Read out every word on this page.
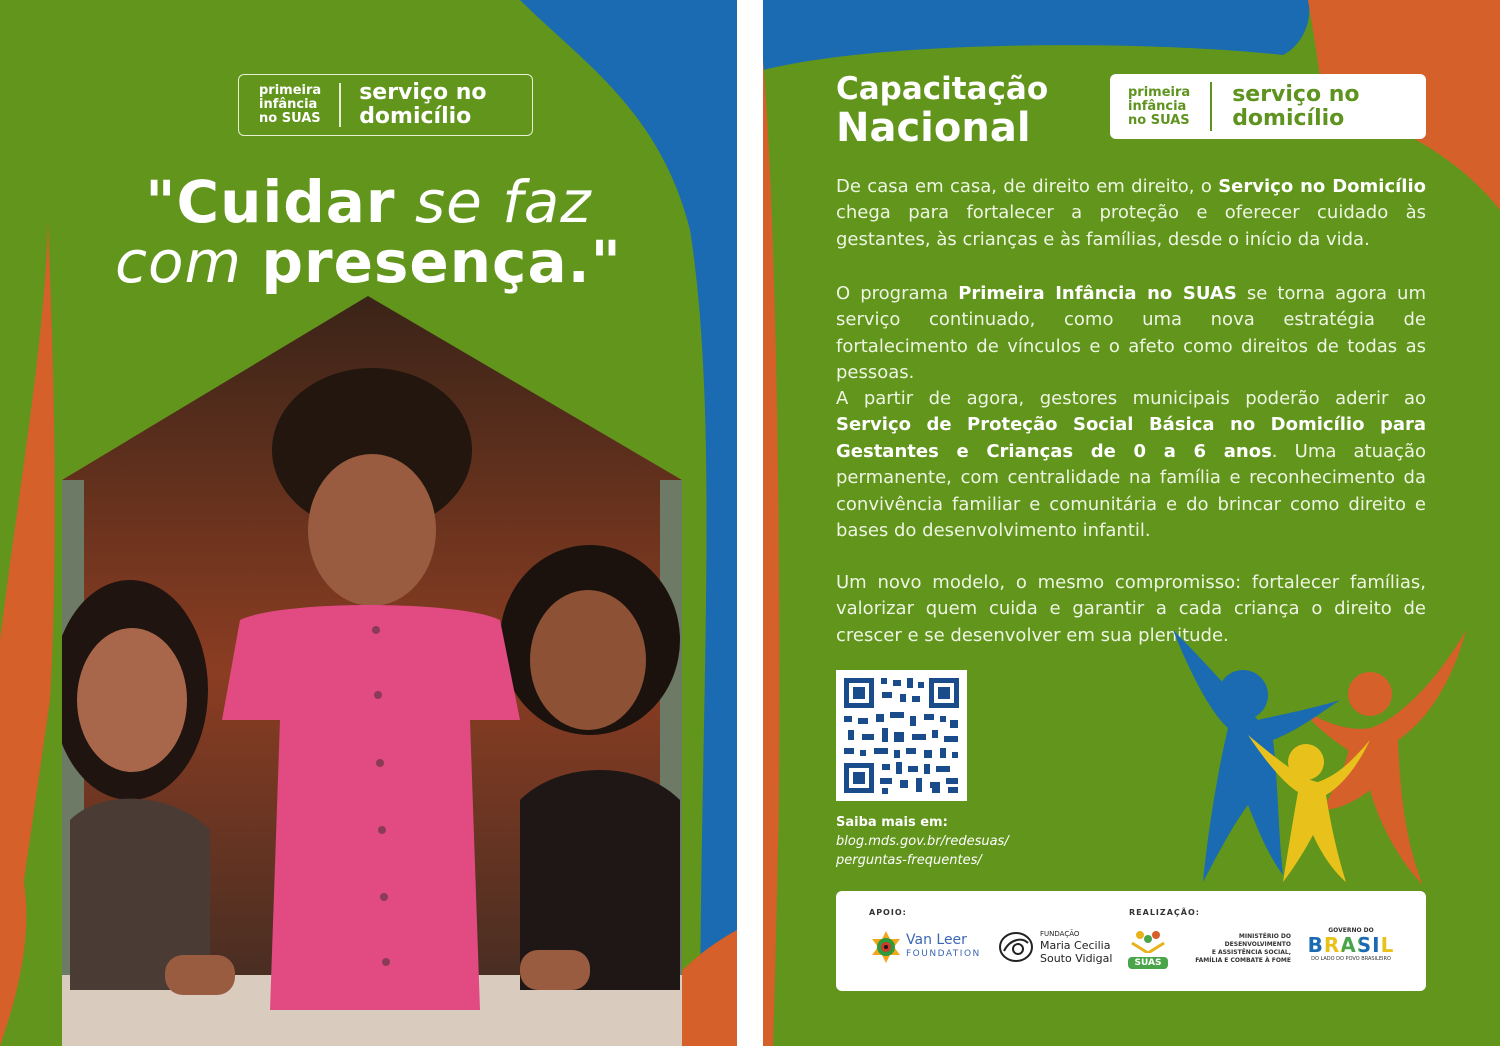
primeira
infância
no SUAS
serviço no
domicílio
"Cuidar se faz
com presença."
Capacitação
Nacional
primeira
infância
no SUAS
serviço no
domicílio

De casa em casa, de direito em direito, o Serviço no Domicílio chega para fortalecer a proteção e oferecer cuidado às gestantes, às crianças e às famílias, desde o início da vida.

O programa Primeira Infância no SUAS se torna agora um serviço continuado, como uma nova estratégia de fortalecimento de vínculos e o afeto como direitos de todas as pessoas.

A partir de agora, gestores municipais poderão aderir ao Serviço de Proteção Social Básica no Domicílio para Gestantes e Crianças de 0 a 6 anos. Uma atuação permanente, com centralidade na família e reconhecimento da convivência familiar e comunitária e do brincar como direito e bases do desenvolvimento infantil.

Um novo modelo, o mesmo compromisso: fortalecer famílias, valorizar quem cuida e garantir a cada criança o direito de crescer e se desenvolver em sua plenitude.

Saiba mais em:
blog.mds.gov.br/redesuas/
perguntas-frequentes/
APOIO:	REALIZAÇÃO:
Van Leer
FOUNDATION
FUNDAÇÃO
Maria Cecilia
Souto Vidigal	SUAS
MINISTÉRIO DO
DESENVOLVIMENTO
E ASSISTÊNCIA SOCIAL,
FAMÍLIA E COMBATE À FOME
GOVERNO DO
BRASIL
DO LADO DO POVO BRASILEIRO
